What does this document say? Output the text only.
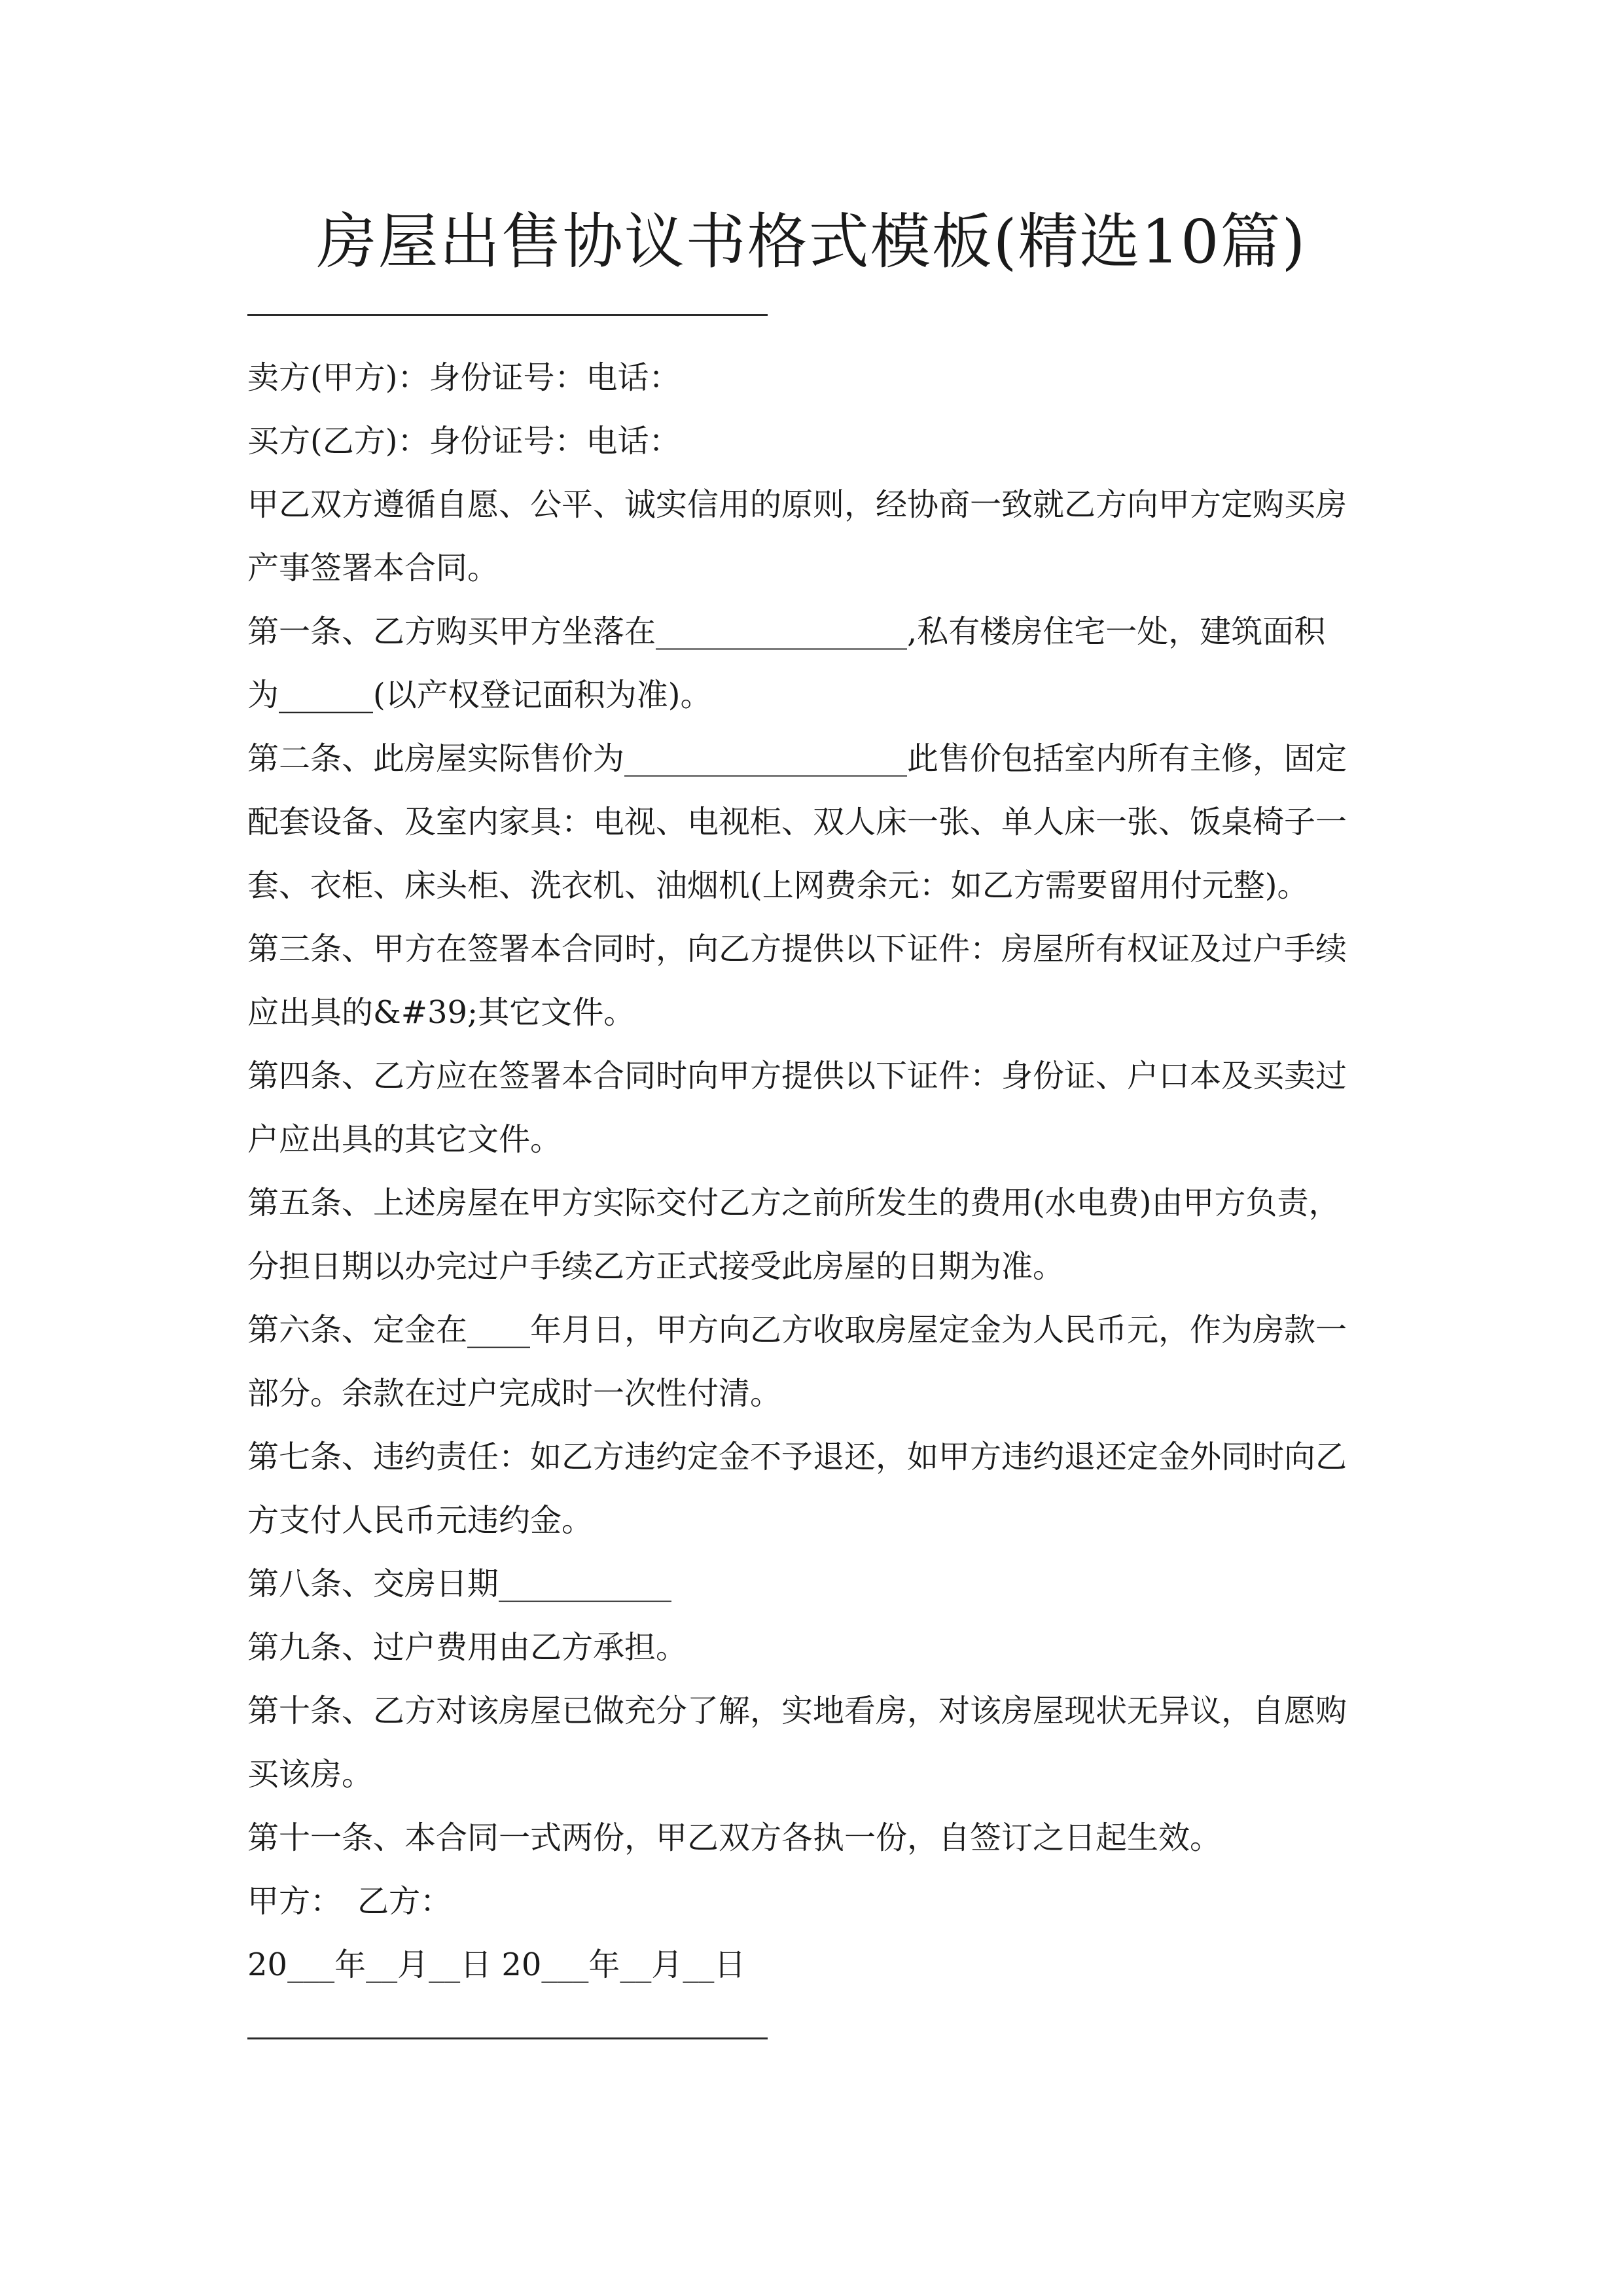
房屋出售协议书格式模板(精选10篇)
卖方(甲方)：身份证号：电话：
买方(乙方)：身份证号：电话：
甲乙双方遵循自愿、公平、诚实信用的原则，经协商一致就乙方向甲方定购买房
产事签署本合同。
第一条、乙方购买甲方坐落在________________,私有楼房住宅一处，建筑面积
为______(以产权登记面积为准)。
第二条、此房屋实际售价为__________________此售价包括室内所有主修，固定
配套设备、及室内家具：电视、电视柜、双人床一张、单人床一张、饭桌椅子一
套、衣柜、床头柜、洗衣机、油烟机(上网费余元：如乙方需要留用付元整)。
第三条、甲方在签署本合同时，向乙方提供以下证件：房屋所有权证及过户手续
应出具的&#39;其它文件。
第四条、乙方应在签署本合同时向甲方提供以下证件：身份证、户口本及买卖过
户应出具的其它文件。
第五条、上述房屋在甲方实际交付乙方之前所发生的费用(水电费)由甲方负责，
分担日期以办完过户手续乙方正式接受此房屋的日期为准。
第六条、定金在____年月日，甲方向乙方收取房屋定金为人民币元，作为房款一
部分。余款在过户完成时一次性付清。
第七条、违约责任：如乙方违约定金不予退还，如甲方违约退还定金外同时向乙
方支付人民币元违约金。
第八条、交房日期___________
第九条、过户费用由乙方承担。
第十条、乙方对该房屋已做充分了解，实地看房，对该房屋现状无异议，自愿购
买该房。
第十一条、本合同一式两份，甲乙双方各执一份，自签订之日起生效。
甲方：　乙方：
20___年__月__日 20___年__月__日
